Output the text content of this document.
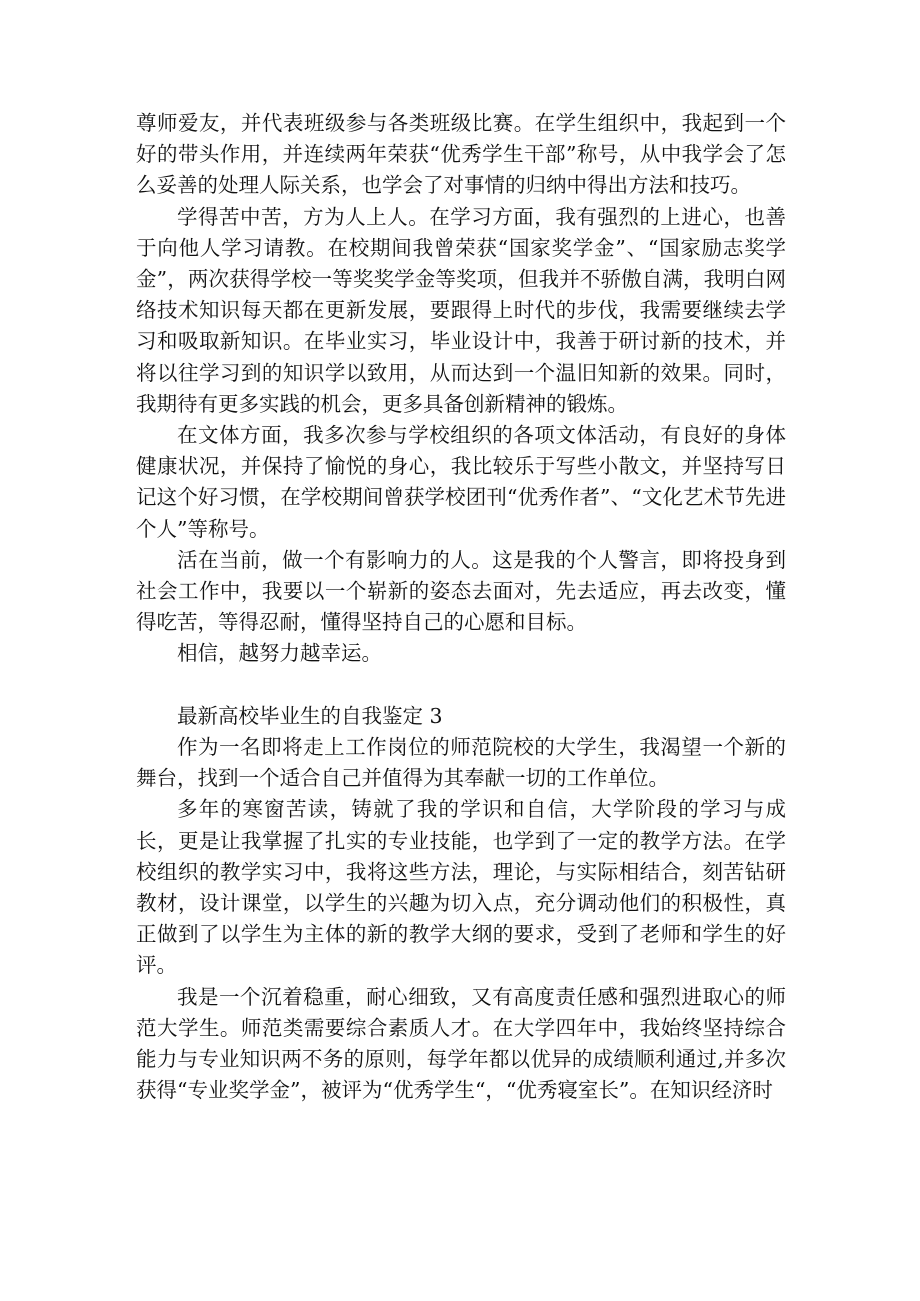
尊师爱友，并代表班级参与各类班级比赛。在学生组织中，我起到一个好的带头作用，并连续两年荣获“优秀学生干部”称号，从中我学会了怎么妥善的处理人际关系，也学会了对事情的归纳中得出方法和技巧。

学得苦中苦，方为人上人。在学习方面，我有强烈的上进心，也善于向他人学习请教。在校期间我曾荣获“国家奖学金”、“国家励志奖学金”，两次获得学校一等奖奖学金等奖项，但我并不骄傲自满，我明白网络技术知识每天都在更新发展，要跟得上时代的步伐，我需要继续去学习和吸取新知识。在毕业实习，毕业设计中，我善于研讨新的技术，并将以往学习到的知识学以致用，从而达到一个温旧知新的效果。同时，我期待有更多实践的机会，更多具备创新精神的锻炼。

在文体方面，我多次参与学校组织的各项文体活动，有良好的身体健康状况，并保持了愉悦的身心，我比较乐于写些小散文，并坚持写日记这个好习惯，在学校期间曾获学校团刊“优秀作者”、“文化艺术节先进个人”等称号。

活在当前，做一个有影响力的人。这是我的个人警言，即将投身到社会工作中，我要以一个崭新的姿态去面对，先去适应，再去改变，懂得吃苦，等得忍耐，懂得坚持自己的心愿和目标。

相信，越努力越幸运。

最新高校毕业生的自我鉴定 3

作为一名即将走上工作岗位的师范院校的大学生，我渴望一个新的舞台，找到一个适合自己并值得为其奉献一切的工作单位。

多年的寒窗苦读，铸就了我的学识和自信，大学阶段的学习与成长，更是让我掌握了扎实的专业技能，也学到了一定的教学方法。在学校组织的教学实习中，我将这些方法，理论，与实际相结合，刻苦钻研教材，设计课堂，以学生的兴趣为切入点，充分调动他们的积极性，真正做到了以学生为主体的新的教学大纲的要求，受到了老师和学生的好评。

我是一个沉着稳重，耐心细致，又有高度责任感和强烈进取心的师范大学生。师范类需要综合素质人才。在大学四年中，我始终坚持综合能力与专业知识两不务的原则，每学年都以优异的成绩顺利通过,并多次获得“专业奖学金”，被评为“优秀学生“，“优秀寝室长”。在知识经济时
